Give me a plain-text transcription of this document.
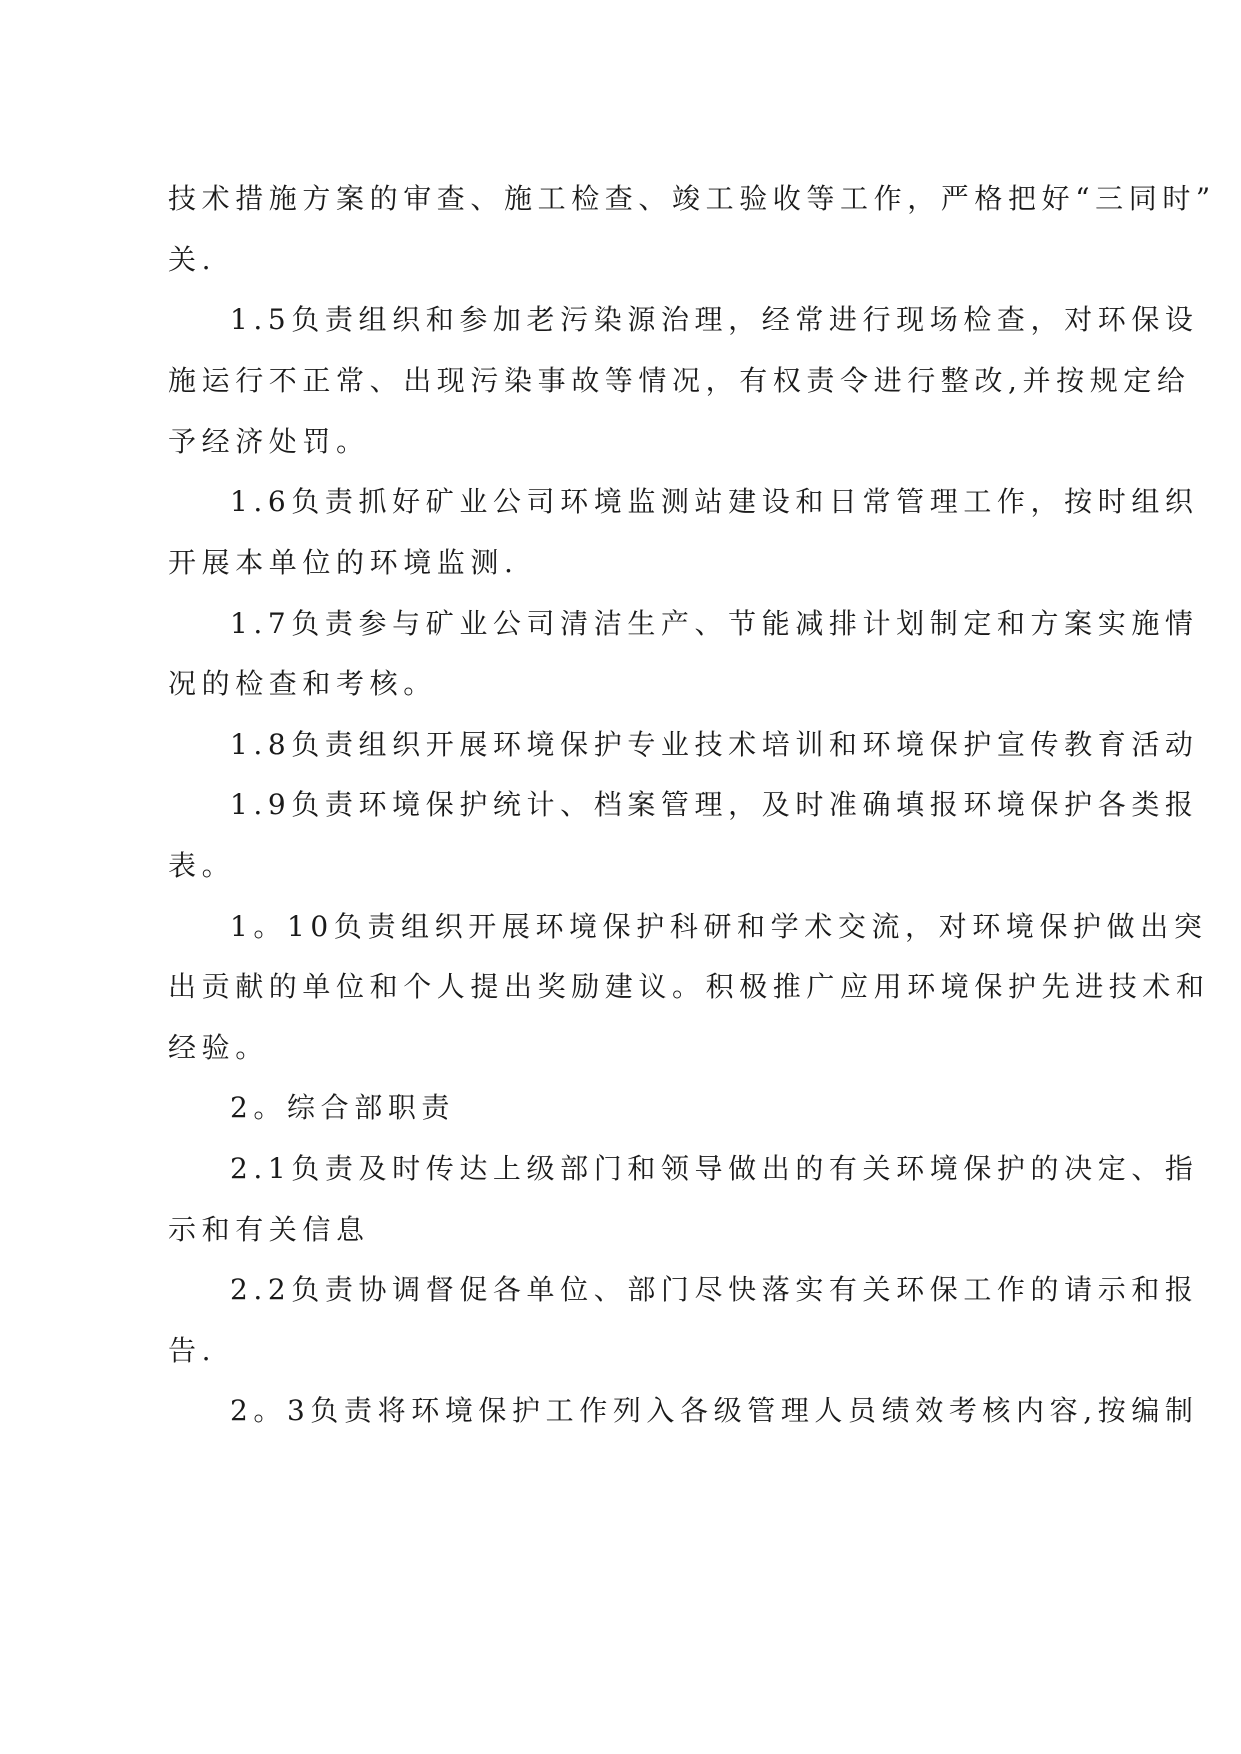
技术措施方案的审查、施工检查、竣工验收等工作，严格把好“三同时”
关.
1.5负责组织和参加老污染源治理，经常进行现场检查，对环保设
施运行不正常、出现污染事故等情况，有权责令进行整改,并按规定给
予经济处罚。
1.6负责抓好矿业公司环境监测站建设和日常管理工作，按时组织
开展本单位的环境监测.
1.7负责参与矿业公司清洁生产、节能减排计划制定和方案实施情
况的检查和考核。
1.8负责组织开展环境保护专业技术培训和环境保护宣传教育活动
1.9负责环境保护统计、档案管理，及时准确填报环境保护各类报
表。
1。10负责组织开展环境保护科研和学术交流，对环境保护做出突
出贡献的单位和个人提出奖励建议。积极推广应用环境保护先进技术和
经验。
2。综合部职责
2.1负责及时传达上级部门和领导做出的有关环境保护的决定、指
示和有关信息
2.2负责协调督促各单位、部门尽快落实有关环保工作的请示和报
告.
2。3负责将环境保护工作列入各级管理人员绩效考核内容,按编制
